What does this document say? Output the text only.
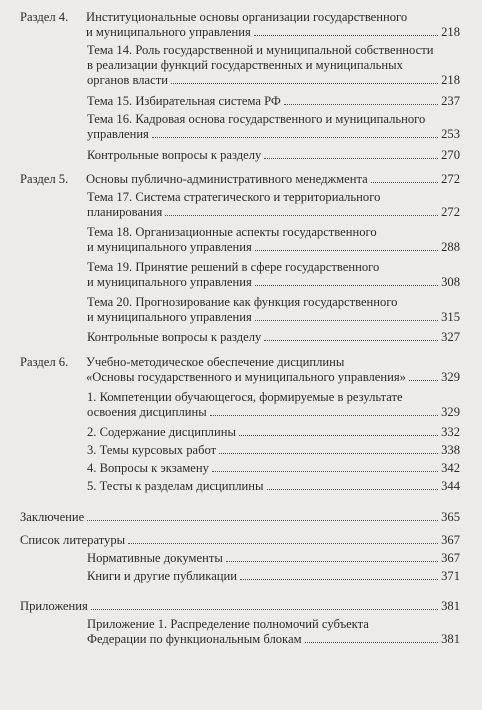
Раздел 4.	Институциональные основы организации государственного
и муниципального управления	218
Тема 14. Роль государственной и муниципальной собственности
в реализации функций государственных и муниципальных
органов власти	218
Тема 15. Избирательная система РФ	237
Тема 16. Кадровая основа государственного и муниципального
управления	253
Контрольные вопросы к разделу	270
Раздел 5.	Основы публично-административного менеджмента	272
Тема 17. Система стратегического и территориального
планирования	272
Тема 18. Организационные аспекты государственного
и муниципального управления	288
Тема 19. Принятие решений в сфере государственного
и муниципального управления	308
Тема 20. Прогнозирование как функция государственного
и муниципального управления	315
Контрольные вопросы к разделу	327
Раздел 6.	Учебно-методическое обеспечение дисциплины
«Основы государственного и муниципального управления»	329
1. Компетенции обучающегося, формируемые в результате
освоения дисциплины	329
2. Содержание дисциплины	332
3. Темы курсовых работ	338
4. Вопросы к экзамену	342
5. Тесты к разделам дисциплины	344
Заключение	365
Список литературы	367
Нормативные документы	367
Книги и другие публикации	371
Приложения	381
Приложение 1. Распределение полномочий субъекта
Федерации по функциональным блокам	381
